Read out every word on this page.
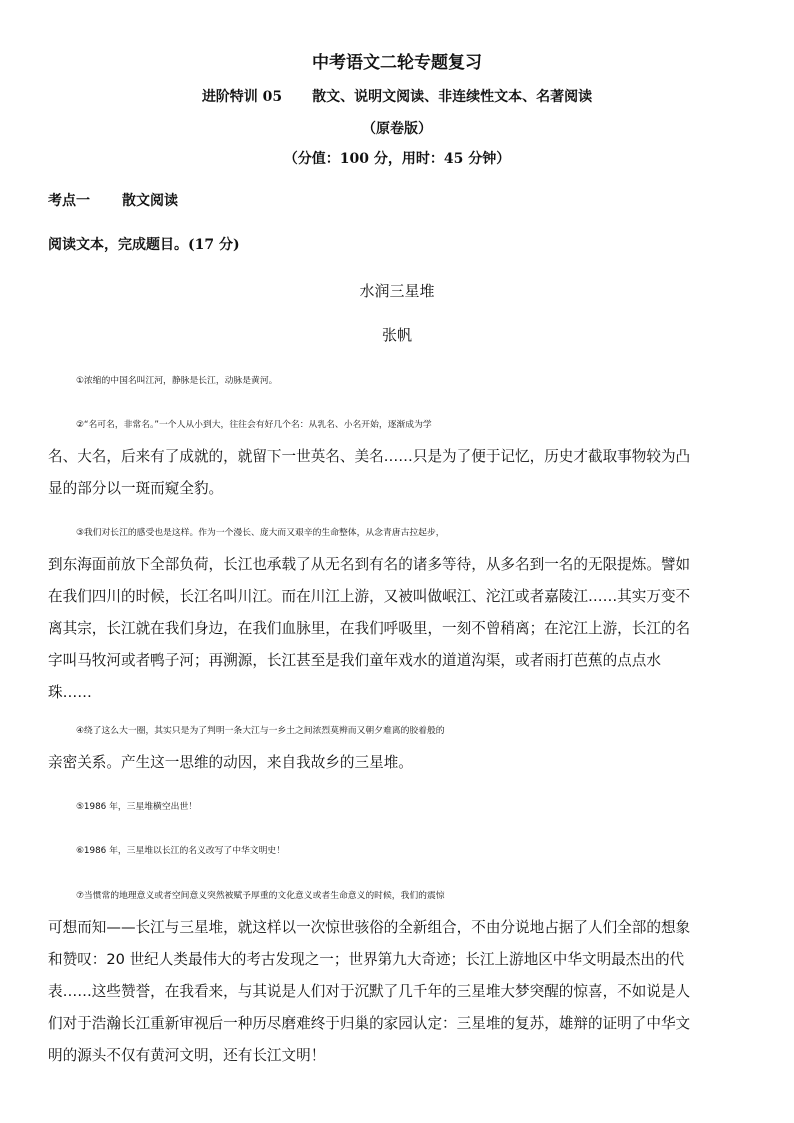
中考语文二轮专题复习
进阶特训 05 散文、说明文阅读、非连续性文本、名著阅读
（原卷版）
（分值：100 分，用时：45 分钟）
考点一 散文阅读
阅读文本，完成题目。(17 分)
水润三星堆
张帆
①浓缩的中国名叫江河，静脉是长江，动脉是黄河。
②“名可名，非常名。”一个人从小到大，往往会有好几个名：从乳名、小名开始，逐渐成为学
名、大名，后来有了成就的，就留下一世英名、美名……只是为了便于记忆，历史才截取事物较为凸
显的部分以一斑而窥全豹。
③我们对长江的感受也是这样。作为一个漫长、庞大而又艰辛的生命整体，从念青唐古拉起步，
到东海面前放下全部负荷，长江也承载了从无名到有名的诸多等待，从多名到一名的无限提炼。譬如
在我们四川的时候，长江名叫川江。而在川江上游，又被叫做岷江、沱江或者嘉陵江……其实万变不
离其宗，长江就在我们身边，在我们血脉里，在我们呼吸里，一刻不曾稍离；在沱江上游，长江的名
字叫马牧河或者鸭子河；再溯源，长江甚至是我们童年戏水的道道沟渠，或者雨打芭蕉的点点水
珠……
④绕了这么大一圈，其实只是为了判明一条大江与一乡土之间浓烈莫辨而又朝夕难离的胶着般的
亲密关系。产生这一思维的动因，来自我故乡的三星堆。
⑤1986 年，三星堆横空出世！
⑥1986 年，三星堆以长江的名义改写了中华文明史！
⑦当惯常的地理意义或者空间意义突然被赋予厚重的文化意义或者生命意义的时候，我们的震惊
可想而知——长江与三星堆，就这样以一次惊世骇俗的全新组合，不由分说地占据了人们全部的想象
和赞叹：20 世纪人类最伟大的考古发现之一；世界第九大奇迹；长江上游地区中华文明最杰出的代
表……这些赞誉，在我看来，与其说是人们对于沉默了几千年的三星堆大梦突醒的惊喜，不如说是人
们对于浩瀚长江重新审视后一种历尽磨难终于归巢的家园认定：三星堆的复苏，雄辩的证明了中华文
明的源头不仅有黄河文明，还有长江文明！
